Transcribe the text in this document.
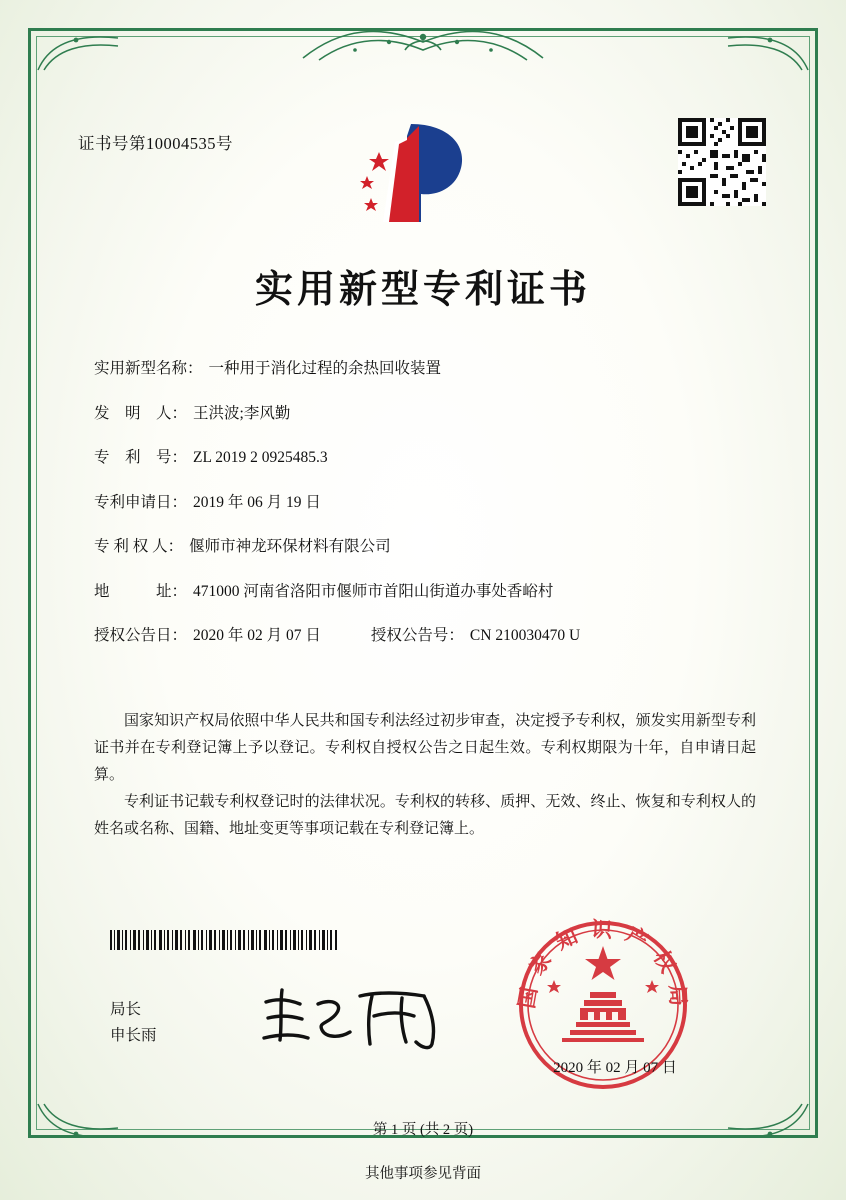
证书号第10004535号
实用新型专利证书
实用新型名称： 一种用于消化过程的余热回收装置
发　明　人： 王洪波;李风勤
专　利　号： ZL 2019 2 0925485.3
专利申请日： 2019 年 06 月 19 日
专 利 权 人： 偃师市神龙环保材料有限公司
地　　　址： 471000 河南省洛阳市偃师市首阳山街道办事处香峪村
授权公告日： 2020 年 02 月 07 日	授权公告号： CN 210030470 U

国家知识产权局依照中华人民共和国专利法经过初步审查，决定授予专利权，颁发实用新型专利证书并在专利登记簿上予以登记。专利权自授权公告之日起生效。专利权期限为十年，自申请日起算。

专利证书记载专利权登记时的法律状况。专利权的转移、质押、无效、终止、恢复和专利权人的姓名或名称、国籍、地址变更等事项记载在专利登记簿上。

局长
申长雨
国家知识产权局
2020 年 02 月 07 日
第 1 页 (共 2 页)
其他事项参见背面
